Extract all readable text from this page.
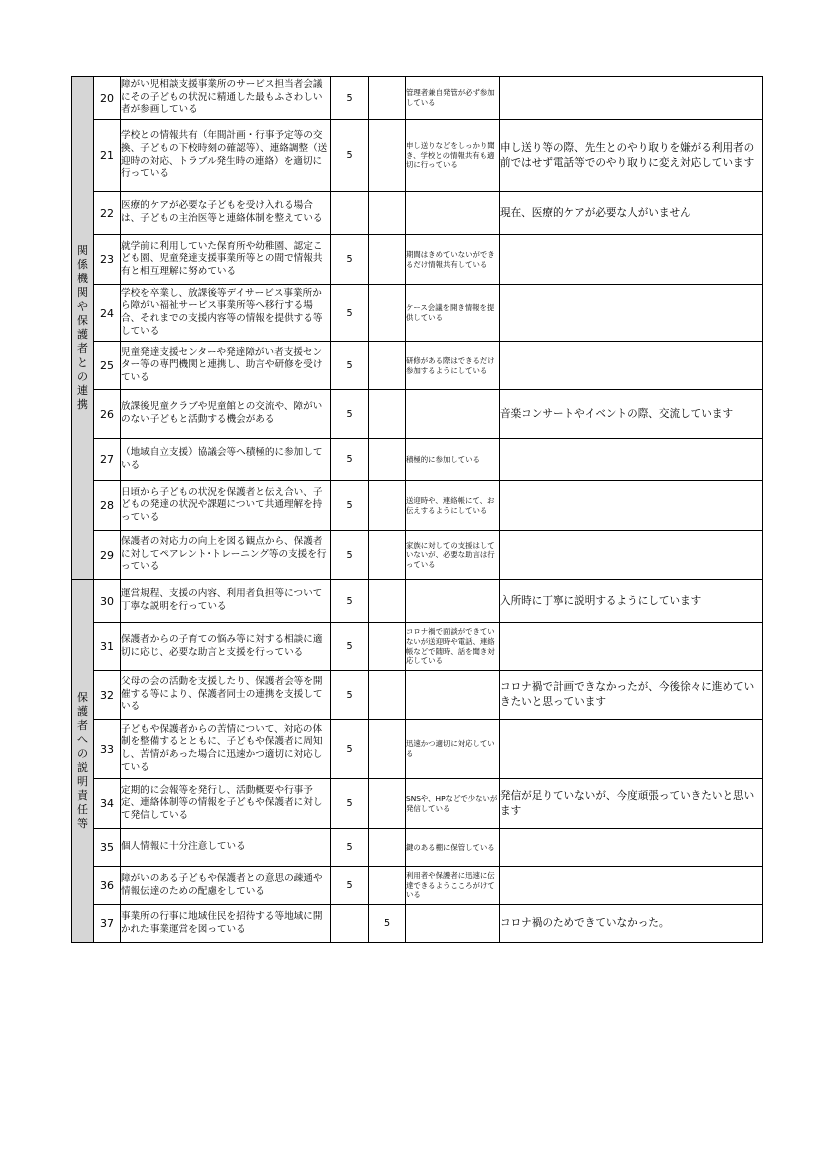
関係機関や保護者との連携	20	障がい児相談支援事業所のサービス担当者会議にその子どもの状況に精通した最もふさわしい者が参画している	5		管理者兼自発管が必ず参加している	

	21	学校との情報共有（年間計画・行事予定等の交換、子どもの下校時刻の確認等）、連絡調整（送迎時の対応、トラブル発生時の連絡）を適切に行っている	5		申し送りなどをしっかり聞き、学校との情報共有も適切に行っている	申し送り等の際、先生とのやり取りを嫌がる利用者の前ではせず電話等でのやり取りに変え対応しています

	22	医療的ケアが必要な子どもを受け入れる場合は、子どもの主治医等と連絡体制を整えている				現在、医療的ケアが必要な人がいません

	23	就学前に利用していた保育所や幼稚園、認定こども園、児童発達支援事業所等との間で情報共有と相互理解に努めている	5		期間はきめていないができるだけ情報共有している	

	24	学校を卒業し、放課後等デイサービス事業所から障がい福祉サービス事業所等へ移行する場合、それまでの支援内容等の情報を提供する等している	5		ケース会議を開き情報を提供している	

	25	児童発達支援センターや発達障がい者支援センター等の専門機関と連携し、助言や研修を受けている	5		研修がある際はできるだけ参加するようにしている	

	26	放課後児童クラブや児童館との交流や、障がいのない子どもと活動する機会がある	5			音楽コンサートやイベントの際、交流しています

	27	（地域自立支援）協議会等へ積極的に参加している	5		積極的に参加している	

	28	日頃から子どもの状況を保護者と伝え合い、子どもの発達の状況や課題について共通理解を持っている	5		送迎時や、連絡帳にて、お伝えするようにしている	

	29	保護者の対応力の向上を図る観点から、保護者に対してペアレント･トレーニング等の支援を行っている	5		家族に対しての支援はしていないが、必要な助言は行っている	

保護者への説明責任等	30	運営規程、支援の内容、利用者負担等について丁寧な説明を行っている	5			入所時に丁寧に説明するようにしています

	31	保護者からの子育ての悩み等に対する相談に適切に応じ、必要な助言と支援を行っている	5		コロナ禍で面談ができていないが送迎時や電話、連絡帳などで随時、話を聞き対応している	

	32	父母の会の活動を支援したり、保護者会等を開催する等により、保護者同士の連携を支援している	5			コロナ禍で計画できなかったが、今後徐々に進めていきたいと思っています

	33	子どもや保護者からの苦情について、対応の体制を整備するとともに、子どもや保護者に周知し、苦情があった場合に迅速かつ適切に対応している	5		迅速かつ適切に対応している	

	34	定期的に会報等を発行し、活動概要や行事予定、連絡体制等の情報を子どもや保護者に対して発信している	5		SNSや、HPなどで少ないが発信している	発信が足りていないが、今度頑張っていきたいと思います

	35	個人情報に十分注意している	5		鍵のある棚に保管している	

	36	障がいのある子どもや保護者との意思の疎通や情報伝達のための配慮をしている	5		利用者や保護者に迅速に伝達できるようこころがけている	

	37	事業所の行事に地域住民を招待する等地域に開かれた事業運営を図っている		5		コロナ禍のためできていなかった。
